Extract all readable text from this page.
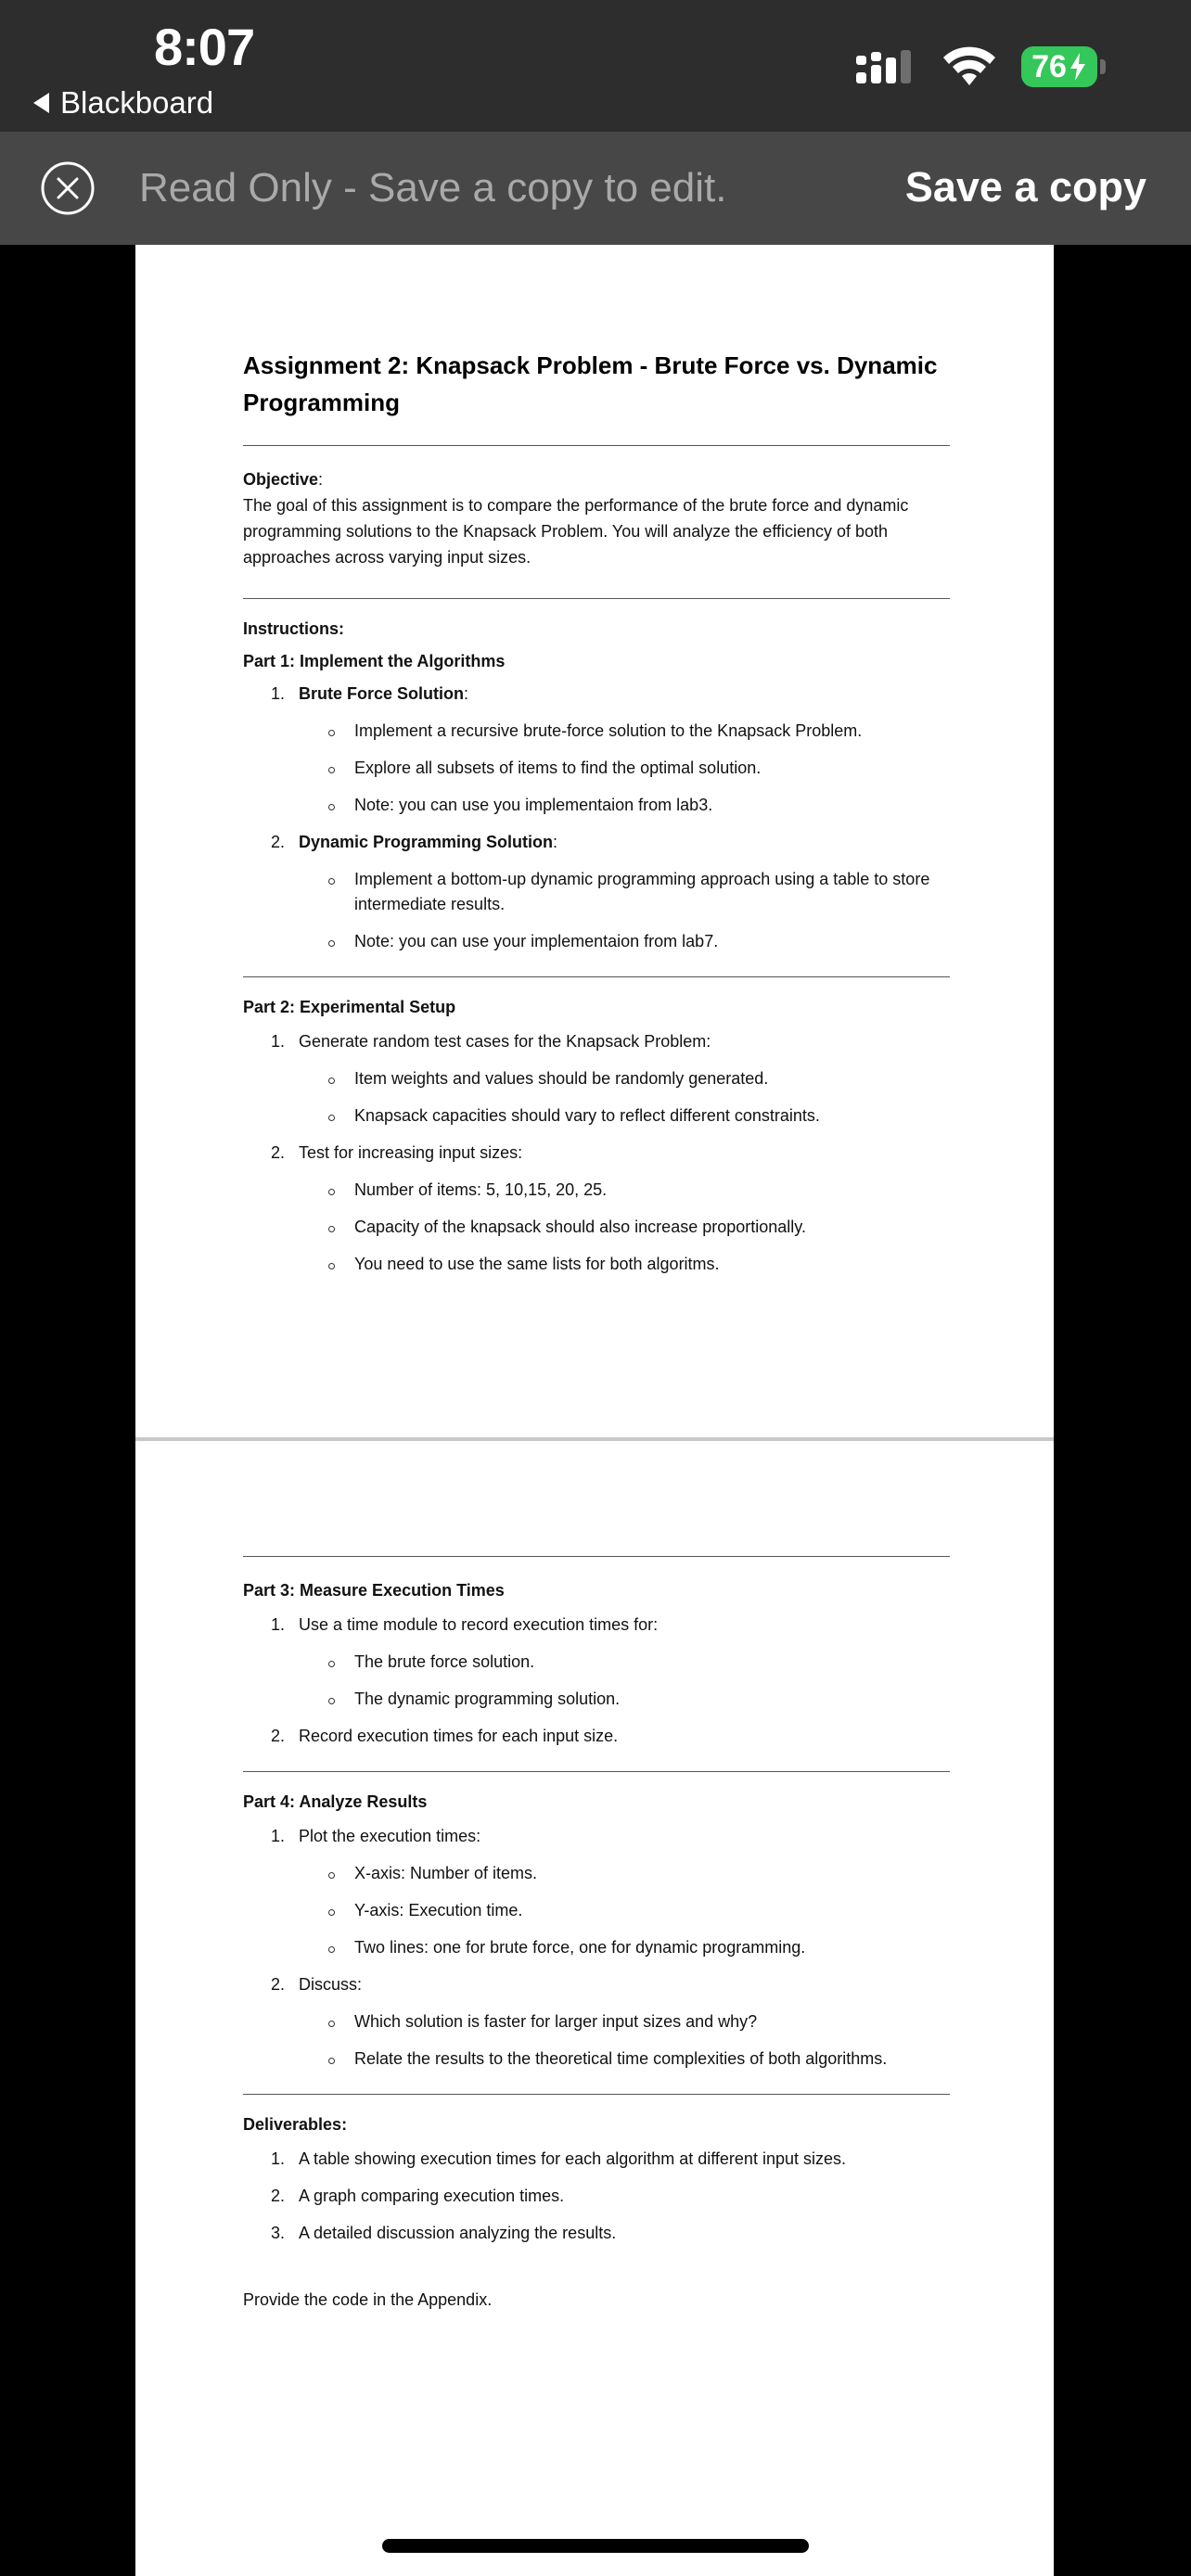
8:07
Blackboard
76
Read Only - Save a copy to edit.	Save a copy
Assignment 2: Knapsack Problem - Brute Force vs. Dynamic Programming
Objective:
The goal of this assignment is to compare the performance of the brute force and dynamic programming solutions to the Knapsack Problem. You will analyze the efficiency of both approaches across varying input sizes.
Instructions:
Part 1: Implement the Algorithms
1. Brute Force Solution:
Implement a recursive brute-force solution to the Knapsack Problem.
Explore all subsets of items to find the optimal solution.
Note: you can use you implementaion from lab3.
2. Dynamic Programming Solution:
Implement a bottom-up dynamic programming approach using a table to store intermediate results.
Note: you can use your implementaion from lab7.
Part 2: Experimental Setup
1. Generate random test cases for the Knapsack Problem:
Item weights and values should be randomly generated.
Knapsack capacities should vary to reflect different constraints.
2. Test for increasing input sizes:
Number of items: 5, 10,15, 20, 25.
Capacity of the knapsack should also increase proportionally.
You need to use the same lists for both algoritms.
Part 3: Measure Execution Times
1. Use a time module to record execution times for:
The brute force solution.
The dynamic programming solution.
2. Record execution times for each input size.
Part 4: Analyze Results
1. Plot the execution times:
X-axis: Number of items.
Y-axis: Execution time.
Two lines: one for brute force, one for dynamic programming.
2. Discuss:
Which solution is faster for larger input sizes and why?
Relate the results to the theoretical time complexities of both algorithms.
Deliverables:
1. A table showing execution times for each algorithm at different input sizes.
2. A graph comparing execution times.
3. A detailed discussion analyzing the results.
Provide the code in the Appendix.
